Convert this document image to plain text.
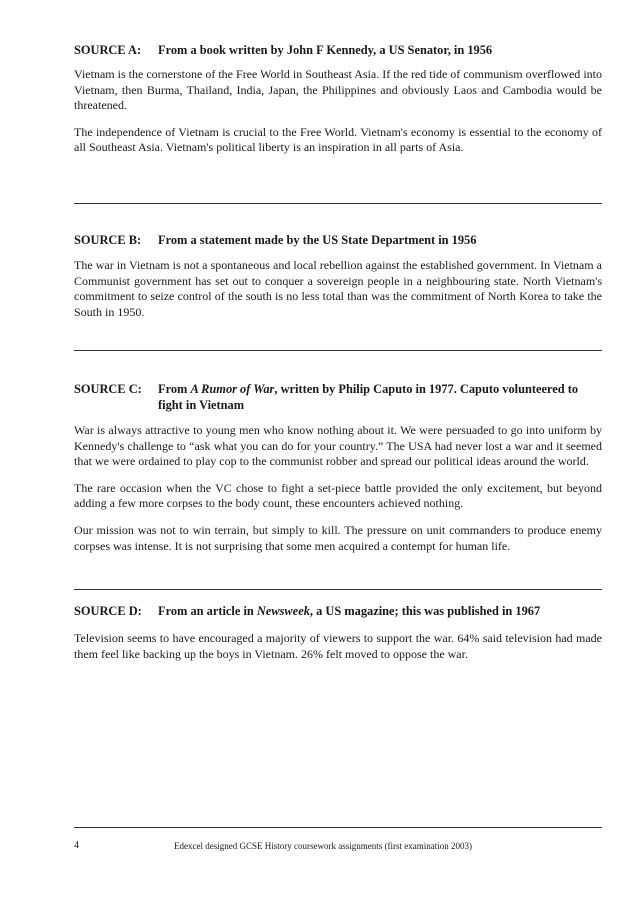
SOURCE A:	From a book written by John F Kennedy, a US Senator, in 1956

Vietnam is the cornerstone of the Free World in Southeast Asia. If the red tide of communism overflowed into Vietnam, then Burma, Thailand, India, Japan, the Philippines and obviously Laos and Cambodia would be threatened.

The independence of Vietnam is crucial to the Free World. Vietnam's economy is essential to the economy of all Southeast Asia. Vietnam's political liberty is an inspiration in all parts of Asia.

SOURCE B:	From a statement made by the US State Department in 1956

The war in Vietnam is not a spontaneous and local rebellion against the established government. In Vietnam a Communist government has set out to conquer a sovereign people in a neighbouring state. North Vietnam's commitment to seize control of the south is no less total than was the commitment of North Korea to take the South in 1950.

SOURCE C:	From A Rumor of War, written by Philip Caputo in 1977. Caputo volunteered to fight in Vietnam

War is always attractive to young men who know nothing about it. We were persuaded to go into uniform by Kennedy's challenge to “ask what you can do for your country.” The USA had never lost a war and it seemed that we were ordained to play cop to the communist robber and spread our political ideas around the world.

The rare occasion when the VC chose to fight a set-piece battle provided the only excitement, but beyond adding a few more corpses to the body count, these encounters achieved nothing.

Our mission was not to win terrain, but simply to kill. The pressure on unit commanders to produce enemy corpses was intense. It is not surprising that some men acquired a contempt for human life.

SOURCE D:	From an article in Newsweek, a US magazine; this was published in 1967

Television seems to have encouraged a majority of viewers to support the war. 64% said television had made them feel like backing up the boys in Vietnam. 26% felt moved to oppose the war.

4	Edexcel designed GCSE History coursework assignments (first examination 2003)
